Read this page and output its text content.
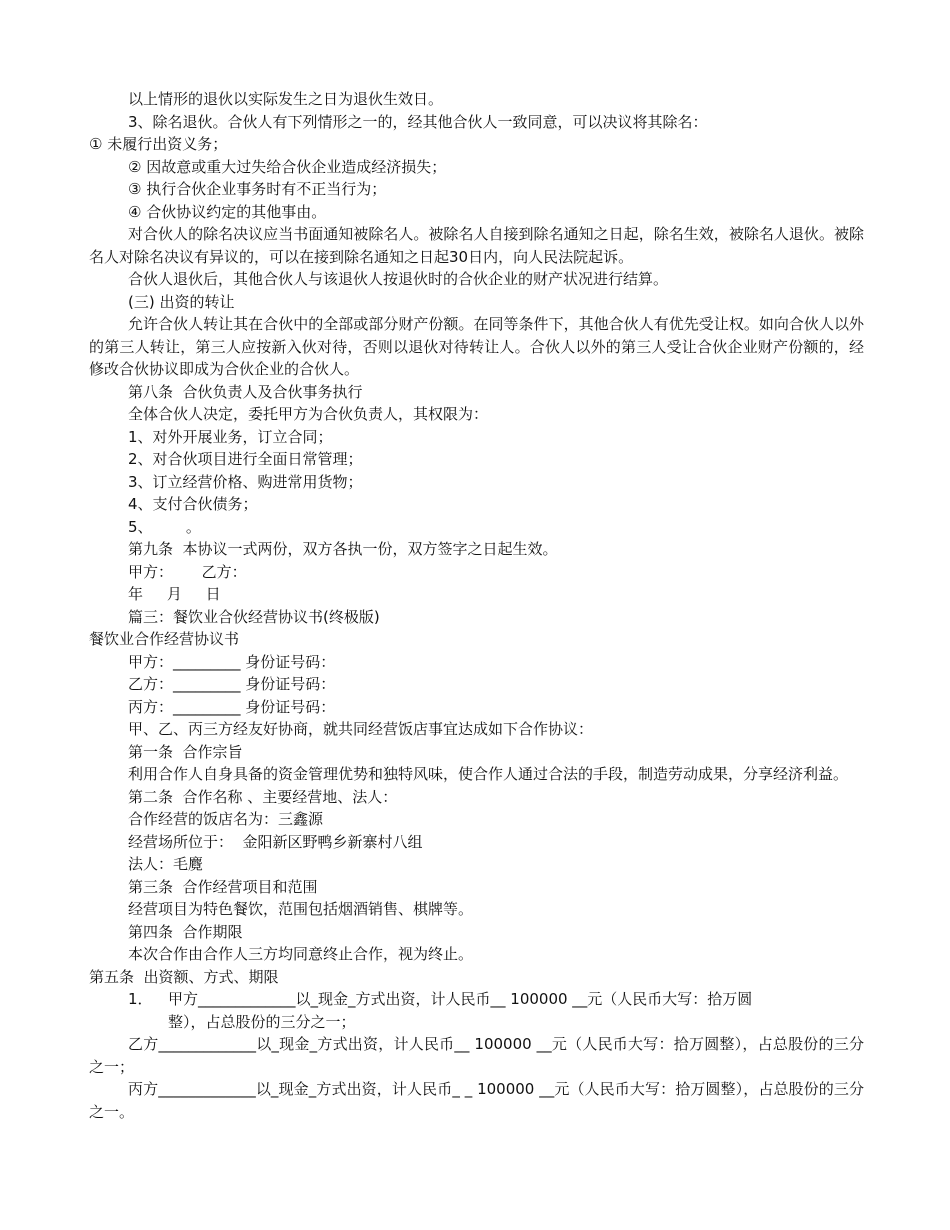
以上情形的退伙以实际发生之日为退伙生效日。

3、除名退伙。合伙人有下列情形之一的，经其他合伙人一致同意，可以决议将其除名：

① 未履行出资义务；

② 因故意或重大过失给合伙企业造成经济损失；

③ 执行合伙企业事务时有不正当行为；

④ 合伙协议约定的其他事由。

对合伙人的除名决议应当书面通知被除名人。被除名人自接到除名通知之日起，除名生效，被除名人退伙。被除名人对除名决议有异议的，可以在接到除名通知之日起30日内，向人民法院起诉。

合伙人退伙后，其他合伙人与该退伙人按退伙时的合伙企业的财产状况进行结算。

(三) 出资的转让

允许合伙人转让其在合伙中的全部或部分财产份额。在同等条件下，其他合伙人有优先受让权。如向合伙人以外的第三人转让，第三人应按新入伙对待，否则以退伙对待转让人。合伙人以外的第三人受让合伙企业财产份额的，经修改合伙协议即成为合伙企业的合伙人。

第八条  合伙负责人及合伙事务执行

全体合伙人决定，委托甲方为合伙负责人，其权限为：

1、对外开展业务，订立合同；

2、对合伙项目进行全面日常管理；

3、订立经营价格、购进常用货物；

4、支付合伙债务；

5、       。

第九条  本协议一式两份，双方各执一份，双方签字之日起生效。

甲方：      乙方：

年     月     日

篇三：餐饮业合伙经营协议书(终极版)

餐饮业合作经营协议书

甲方：_________ 身份证号码：

乙方：_________ 身份证号码：

丙方：_________ 身份证号码：

甲、乙、丙三方经友好协商，就共同经营饭店事宜达成如下合作协议：

第一条  合作宗旨

利用合作人自身具备的资金管理优势和独特风味，使合作人通过合法的手段，制造劳动成果，分享经济利益。

第二条  合作名称 、主要经营地、法人：

合作经营的饭店名为：三鑫源

经营场所位于：  金阳新区野鸭乡新寨村八组

法人：毛麑

第三条  合作经营项目和范围

经营项目为特色餐饮，范围包括烟酒销售、棋牌等。

第四条  合作期限

本次合作由合作人三方均同意终止合作，视为终止。

第五条  出资额、方式、期限

1． 甲方_____________以_现金_方式出资，计人民币__ 100000 __元（人民币大写：拾万圆
整），占总股份的三分之一；

乙方_____________以_现金_方式出资，计人民币__ 100000 __元（人民币大写：拾万圆整），占总股份的三分之一；

丙方_____________以_现金_方式出资，计人民币_ _ 100000 __元（人民币大写：拾万圆整），占总股份的三分之一。
